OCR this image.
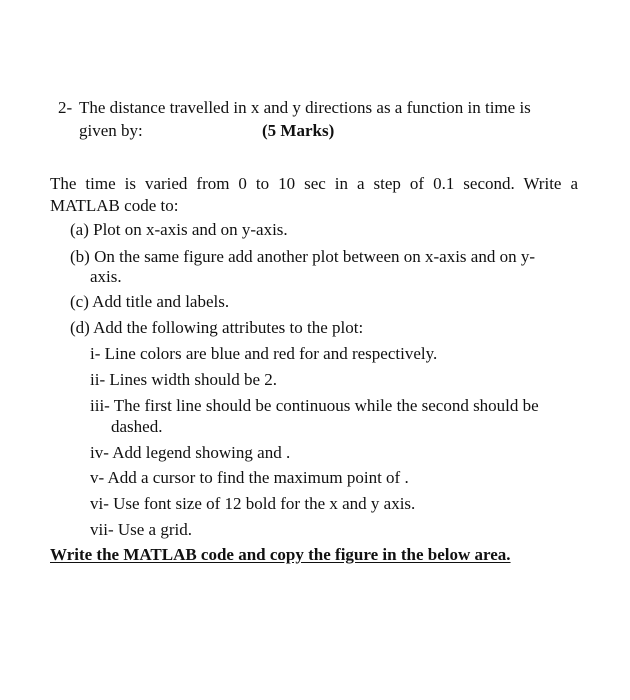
2- The distance travelled in x and y directions as a function in time is
given by:	(5 Marks)
The time is varied from 0 to 10 sec in a step of 0.1 second. Write a
MATLAB code to:
(a) Plot on x-axis and on y-axis.
(b) On the same figure add another plot between on x-axis and on y-
axis.
(c) Add title and labels.
(d) Add the following attributes to the plot:
i- Line colors are blue and red for and respectively.
ii- Lines width should be 2.
iii- The first line should be continuous while the second should be
dashed.
iv- Add legend showing and .
v- Add a cursor to find the maximum point of .
vi- Use font size of 12 bold for the x and y axis.
vii- Use a grid.
Write the MATLAB code and copy the figure in the below area.
